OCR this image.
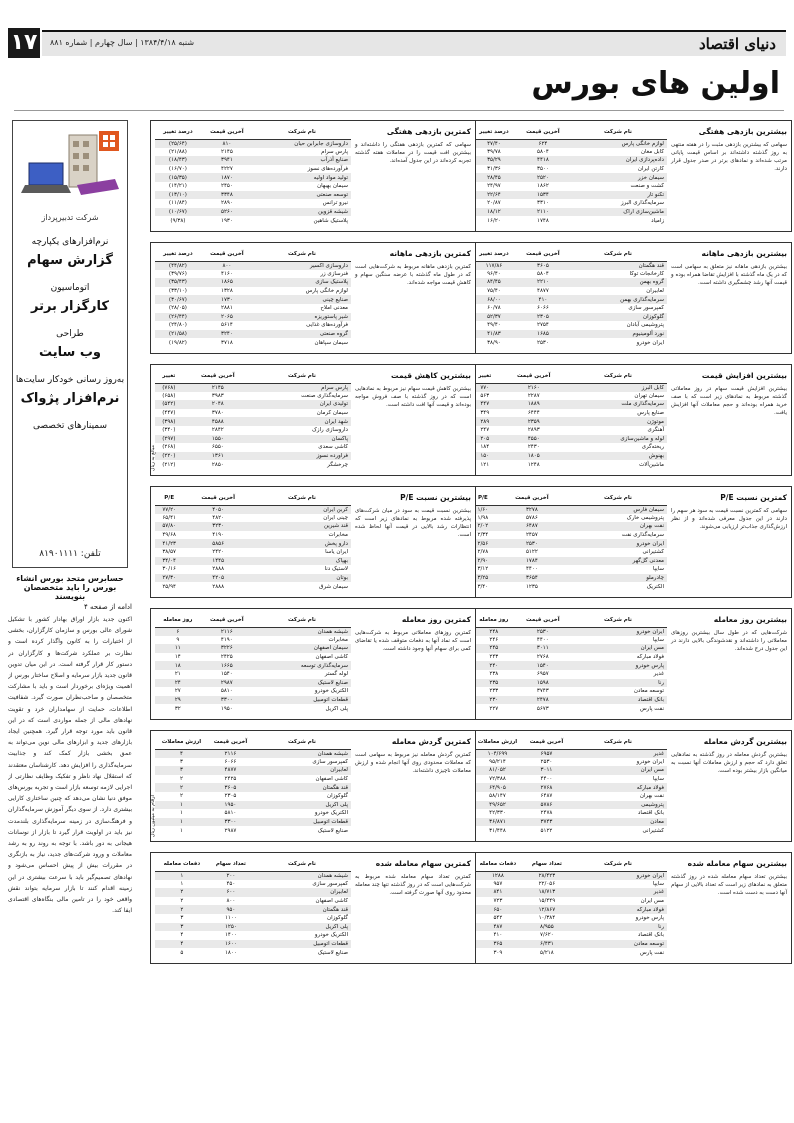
۱۷	شنبه ۱۳۸۴/۴/۱۸ | سال چهارم | شماره ۸۸۱	دنیای اقتصاد
اولین های بورس
شرکت تدبیرپرداز
تلفن: ۸۱۹۰۱۱۱۱
نرم‌افزارهای یکپارچه
گزارش سهام
اتوماسیون
کارگزار برتر
طراحی
وب سایت
به‌روز رسانی خودکار سایت‌ها
نرم‌افزار پژواک
سمینارهای تخصصی
حسابرس متحد بورس انشاء بورس را باید متخصصان بنویسند
ادامه از صفحه ۴
اکنون جدید بازار اوراق بهادار کشور با تشکیل شورای عالی بورس و سازمان کارگزاران، بخشی از اختیارات را به کانون واگذار کرده است و نظارت بر عملکرد شرکت‌ها و کارگزاران در دستور کار قرار گرفته است. در این میان تدوین قانون جدید بازار سرمایه و اصلاح ساختار بورس از اهمیت ویژه‌ای برخوردار است و باید با مشارکت متخصصان و صاحب‌نظران صورت گیرد. شفافیت اطلاعات، حمایت از سهامداران خرد و تقویت نهادهای مالی از جمله مواردی است که در این قانون باید مورد توجه قرار گیرد. همچنین ایجاد بازارهای جدید و ابزارهای مالی نوین می‌تواند به عمق بخشی بازار کمک کند و جذابیت سرمایه‌گذاری را افزایش دهد. کارشناسان معتقدند که استقلال نهاد ناظر و تفکیک وظایف نظارتی از اجرایی لازمه توسعه بازار است و تجربه بورس‌های موفق دنیا نشان می‌دهد که چنین ساختاری کارایی بیشتری دارد. از سوی دیگر آموزش سرمایه‌گذاران و فرهنگ‌سازی در زمینه سرمایه‌گذاری بلندمدت نیز باید در اولویت قرار گیرد تا بازار از نوسانات هیجانی به دور باشد. با توجه به روند رو به رشد معاملات و ورود شرکت‌های جدید، نیاز به بازنگری در مقررات بیش از پیش احساس می‌شود و نهادهای تصمیم‌گیر باید با سرعت بیشتری در این زمینه اقدام کنند تا بازار سرمایه بتواند نقش واقعی خود را در تامین مالی بنگاه‌های اقتصادی ایفا کند.
بیشترین بازدهی هفتگی
سهامی که بیشترین بازدهی مثبت را در هفته منتهی به روز گذشته داشته‌اند بر اساس قیمت پایانی مرتب شده‌اند و نمادهای برتر در صدر جدول قرار دارند.
نام شرکت	آخرین قیمت	درصد تغییر
لوازم خانگی پارس	۶۲۴	۴۷/۴۰
کابل مغان	۵۸۰۴	۳۹/۷۸
داده‌پردازی ایران	۴۴۱۸	۳۵/۲۹
کارتن ایران	۳۵۰۰	۳۱/۳۶
سیمان خزر	۲۵۲۰	۲۸/۴۵
کشت و صنعت	۱۸۶۲	۲۴/۹۷
تکنو تار	۱۵۳۴	۲۲/۶۴
سرمایه‌گذاری البرز	۳۳۱۰	۲۰/۸۷
ماشین‌سازی اراک	۲۱۱۰	۱۸/۱۲
زامیاد	۱۷۴۸	۱۶/۲۰
کمترین بازدهی هفتگی
سهامی که کمترین بازدهی هفتگی را داشته‌اند و بیشترین افت قیمت را در معاملات هفته گذشته تجربه کرده‌اند در این جدول آمده‌اند.
نام شرکت	آخرین قیمت	درصد تغییر
داروسازی جابرابن حیان	۸۱۰	(۲۵/۶۴)
پارس سرام	۲۱۴۵	(۲۱/۸۸)
صنایع آذرآب	۳۹۴۱	(۱۸/۴۳)
فرآورده‌های نسوز	۴۲۲۷	(۱۶/۷۰)
تولید مواد اولیه	۱۸۷۰	(۱۵/۳۵)
سیمان بهبهان	۲۴۵۰	(۱۴/۲۱)
توسعه صنعتی	۳۳۴۸	(۱۳/۱۰)
نیرو ترانس	۲۸۹۰	(۱۱/۸۴)
شیشه قزوین	۵۲۶۰	(۱۰/۶۷)
پلاستیک شاهین	۱۹۳۰	(۹/۳۸)
بیشترین بازدهی ماهانه
بیشترین بازدهی ماهانه نیز متعلق به سهامی است که در یک ماه گذشته با افزایش تقاضا همراه بوده و قیمت آنها رشد چشمگیری داشته است.
نام شرکت	آخرین قیمت	درصد تغییر
قند هگمتان	۳۶۰۵	۱۱۷/۸۶
کارخانجات توکا	۵۸۰۴	۹۶/۴۰
گروه بهمن	۲۲۱۰	۸۴/۴۵
لعابیران	۴۸۷۷	۷۵/۴۰
سرمایه‌گذاری بهمن	۴۱۰	۶۸/۰۰
کمپرسور سازی	۶۰۶۶	۶۰/۷۸
گلوکوزان	۲۳۰۵	۵۲/۳۷
پتروشیمی آبادان	۲۷۵۴	۴۹/۴۰
نورد آلومینیوم	۱۶۸۵	۴۱/۸۳
ایران خودرو	۲۵۳۰	۳۸/۹۰
کمترین بازدهی ماهانه
کمترین بازدهی ماهانه مربوط به شرکت‌هایی است که در طول ماه گذشته با عرضه سنگین سهام و کاهش قیمت مواجه شده‌اند.
نام شرکت	آخرین قیمت	درصد تغییر
داروسازی اکسیر	۸۰۰	(۴۴/۸۲)
فنرسازی زر	۴۱۶۰	(۳۹/۷۶)
پلاستیک سازی	۱۸۶۵	(۳۵/۴۳)
لوازم خانگی پارس	۱۳۲۸	(۳۳/۱۰)
صنایع چینی	۱۷۳۰	(۳۰/۶۷)
معدنی املاح	۲۸۸۱	(۲۸/۰۵)
شیر پاستوریزه	۲۰۶۵	(۲۶/۴۴)
فرآورده‌های غذایی	۵۶۱۴	(۲۴/۸۰)
گروه صنعتی	۳۲۴۰	(۲۱/۵۸)
سیمان سپاهان	۳۷۱۸	(۱۹/۸۲)
بیشترین افزایش قیمت
بیشترین افزایش قیمت سهام در روز معاملاتی گذشته مربوط به نمادهای زیر است که با صف خرید همراه بوده‌اند و حجم معاملات آنها افزایش یافت.
نام شرکت	آخرین قیمت	تغییر
کابل البرز	۲۱۶۰	۷۷۰
سیمان تهران	۲۲۸۷	۵۶۳
سرمایه‌گذاری ملت	۱۸۸۹	۴۴۷
صنایع پارس	۶۴۴۴	۳۴۹
موتوژن	۲۳۵۹	۲۸۹
آهنگری	۲۸۹۳	۲۴۷
لوله و ماشین‌سازی	۴۵۵۰	۲۰۵
ریخته‌گری	۲۴۳۰	۱۸۴
بهنوش	۱۸۰۵	۱۵۰
ماشین‌آلات	۱۲۴۸	۱۲۱
بیشترین کاهش قیمت
بیشترین کاهش قیمت سهام نیز مربوط به نمادهایی است که در روز گذشته با صف فروش مواجه بوده‌اند و قیمت آنها افت داشته است.
نام شرکت	آخرین قیمت	تغییر
پارس سرام	۲۱۴۵	(۷۶۸)
سرمایه‌گذاری صنعت	۳۹۸۳	(۶۵۸)
تولیدی ایران	۲۰۴۸	(۵۴۲)
سیمان کرمان	۳۷۸۰	(۴۴۷)
شهد ایران	۴۵۸۸	(۳۹۸)
داروسازی رازک	۲۸۴۲	(۳۴۰)
پاکسان	۱۵۵۰	(۲۹۷)
کاشی سعدی	۶۵۵۰	(۲۶۸)
فراورده نسوز	۱۳۶۱	(۲۲۰)
چرخشگر	۲۸۵۰	(۲۱۲)
مبالغ به ریال
کمترین نسبت P/E
سهامی که کمترین نسبت قیمت به سود هر سهم را دارند در این جدول معرفی شده‌اند و از نظر ارزش‌گذاری جذاب‌تر ارزیابی می‌شوند.
نام شرکت	آخرین قیمت	P/E
سیمان فارس	۳۲۷۸	۱/۶۰
پتروشیمی خارک	۵۷۸۶	۱/۹۸
نفت بهران	۶۴۸۷	۲/۰۲
سرمایه‌گذاری نفت	۲۴۵۷	۲/۳۴
ایران خودرو	۲۵۳۰	۲/۵۶
کشتیرانی	۵۱۲۲	۲/۷۸
معدنی گل‌گهر	۱۷۸۴	۲/۹۰
سایپا	۴۴۰۰	۳/۱۲
چادرملو	۳۶۵۴	۳/۲۵
الکتریک	۱۲۳۵	۳/۴۰
بیشترین نسبت P/E
بیشترین نسبت قیمت به سود در میان شرکت‌های پذیرفته شده مربوط به نمادهای زیر است که انتظارات رشد بالایی در قیمت آنها لحاظ شده است.
نام شرکت	آخرین قیمت	P/E
کربن ایران	۴۰۵۰	۷۷/۲۰
چینی ایران	۴۸۲۰	۶۵/۴۱
قند شیرین	۳۲۳۰	۵۷/۸۰
مخابرات	۴۱۹۰	۴۹/۶۸
دارو پخش	۵۸۵۶	۴۱/۲۳
ایران یاسا	۲۴۲۰	۳۸/۵۷
بهپاک	۱۴۴۵	۳۴/۰۴
لاستیک دنا	۲۸۸۸	۳۰/۱۶
بوتان	۴۲۰۵	۲۷/۳۰
سیمان شرق	۲۸۸۸	۲۵/۹۴
بیشترین روز معامله
شرکت‌هایی که در طول سال بیشترین روزهای معاملاتی را داشته‌اند و نقدشوندگی بالایی دارند در این جدول درج شده‌اند.
نام شرکت	آخرین قیمت	روز معامله
ایران خودرو	۲۵۳۰	۲۴۸
سایپا	۴۴۰۰	۲۴۶
مس ایران	۳۰۱۱	۲۴۵
فولاد مبارکه	۲۷۶۸	۲۴۳
پارس خودرو	۱۵۴۰	۲۴۰
غدیر	۶۹۵۷	۲۳۸
رنا	۱۵۹۸	۲۳۵
توسعه معادن	۳۷۴۳	۲۳۳
بانک اقتصاد	۲۴۷۸	۲۳۰
نفت پارس	۵۶۷۳	۲۲۷
کمترین روز معامله
کمترین روزهای معاملاتی مربوط به شرکت‌هایی است که نماد آنها به دفعات متوقف شده یا تقاضای کمی برای سهام آنها وجود داشته است.
نام شرکت	آخرین قیمت	روز معامله
شیشه همدان	۲۱۱۶	۶
مخابرات	۴۱۹۰	۹
سیمان اصفهان	۳۲۲۶	۱۱
کاشی اصفهان	۲۴۲۵	۱۴
سرمایه‌گذاری توسعه	۱۶۶۵	۱۸
لوله گستر	۱۵۴۰	۲۱
صنایع لاستیک	۲۹۸۷	۲۴
الکتریک خودرو	۵۸۱۰	۲۷
قطعات اتومبیل	۳۳۰۰	۲۹
پلی اکریل	۱۹۵۰	۳۲
بیشترین گردش معامله
بیشترین گردش معامله در روز گذشته به نمادهایی تعلق دارد که حجم و ارزش معاملات آنها نسبت به میانگین بازار بیشتر بوده است.
نام شرکت	آخرین قیمت	ارزش معاملات
غدیر	۶۹۵۷	۱۰۴/۶۹۹
ایران خودرو	۲۵۳۰	۹۵/۲۱۴
مس ایران	۳۰۱۱	۸۱/۰۵۲
سایپا	۴۴۰۰	۷۲/۳۸۸
فولاد مبارکه	۲۷۶۸	۶۴/۹۰۵
نفت بهران	۶۴۸۷	۵۸/۱۴۷
پتروشیمی	۵۷۸۶	۴۹/۶۵۲
بانک اقتصاد	۲۴۷۸	۴۲/۳۳۰
معادن	۳۷۴۳	۳۶/۸۷۱
کشتیرانی	۵۱۲۲	۳۱/۴۴۸
کمترین گردش معامله
کمترین گردش معامله نیز مربوط به سهامی است که معاملات محدودی روی آنها انجام شده و ارزش معاملات ناچیزی داشته‌اند.
نام شرکت	آخرین قیمت	ارزش معاملات
شیشه همدان	۲۱۱۶	۴
کمپرسور سازی	۶۰۶۶	۳
لعابیران	۴۸۷۷	۳
کاشی اصفهان	۲۴۲۵	۲
قند هگمتان	۳۶۰۵	۲
گلوکوزان	۲۳۰۵	۲
پلی اکریل	۱۹۵۰	۱
الکتریک خودرو	۵۸۱۰	۱
قطعات اتومبیل	۳۳۰۰	۱
صنایع لاستیک	۲۹۸۷	۱
ارقام به میلیون ریال
بیشترین سهام معامله شده
بیشترین تعداد سهام معامله شده در روز گذشته متعلق به نمادهای زیر است که تعداد بالایی از سهام آنها دست به دست شده است.
نام شرکت	تعداد سهام	دفعات معامله
ایران خودرو	۲۸/۴۲۳	۱۲۸۸
سایپا	۲۲/۰۵۶	۹۵۷
غدیر	۱۸/۷۱۳	۸۴۱
مس ایران	۱۵/۴۴۹	۷۲۳
فولاد مبارکه	۱۲/۸۶۷	۶۵۰
پارس خودرو	۱۰/۳۸۴	۵۴۲
رنا	۸/۹۵۵	۴۸۷
بانک اقتصاد	۷/۶۲۰	۴۱۰
توسعه معادن	۶/۴۳۱	۳۶۵
نفت پارس	۵/۲۱۸	۳۰۹
کمترین سهام معامله شده
کمترین تعداد سهام معامله شده مربوط به شرکت‌هایی است که در روز گذشته تنها چند معامله محدود روی آنها صورت گرفته است.
نام شرکت	تعداد سهام	دفعات معامله
شیشه همدان	۲۰۰	۱
کمپرسور سازی	۴۵۰	۱
لعابیران	۶۰۰	۲
کاشی اصفهان	۸۰۰	۲
قند هگمتان	۹۵۰	۲
گلوکوزان	۱۱۰۰	۳
پلی اکریل	۱۲۵۰	۳
الکتریک خودرو	۱۴۰۰	۴
قطعات اتومبیل	۱۶۰۰	۴
صنایع لاستیک	۱۸۰۰	۵
